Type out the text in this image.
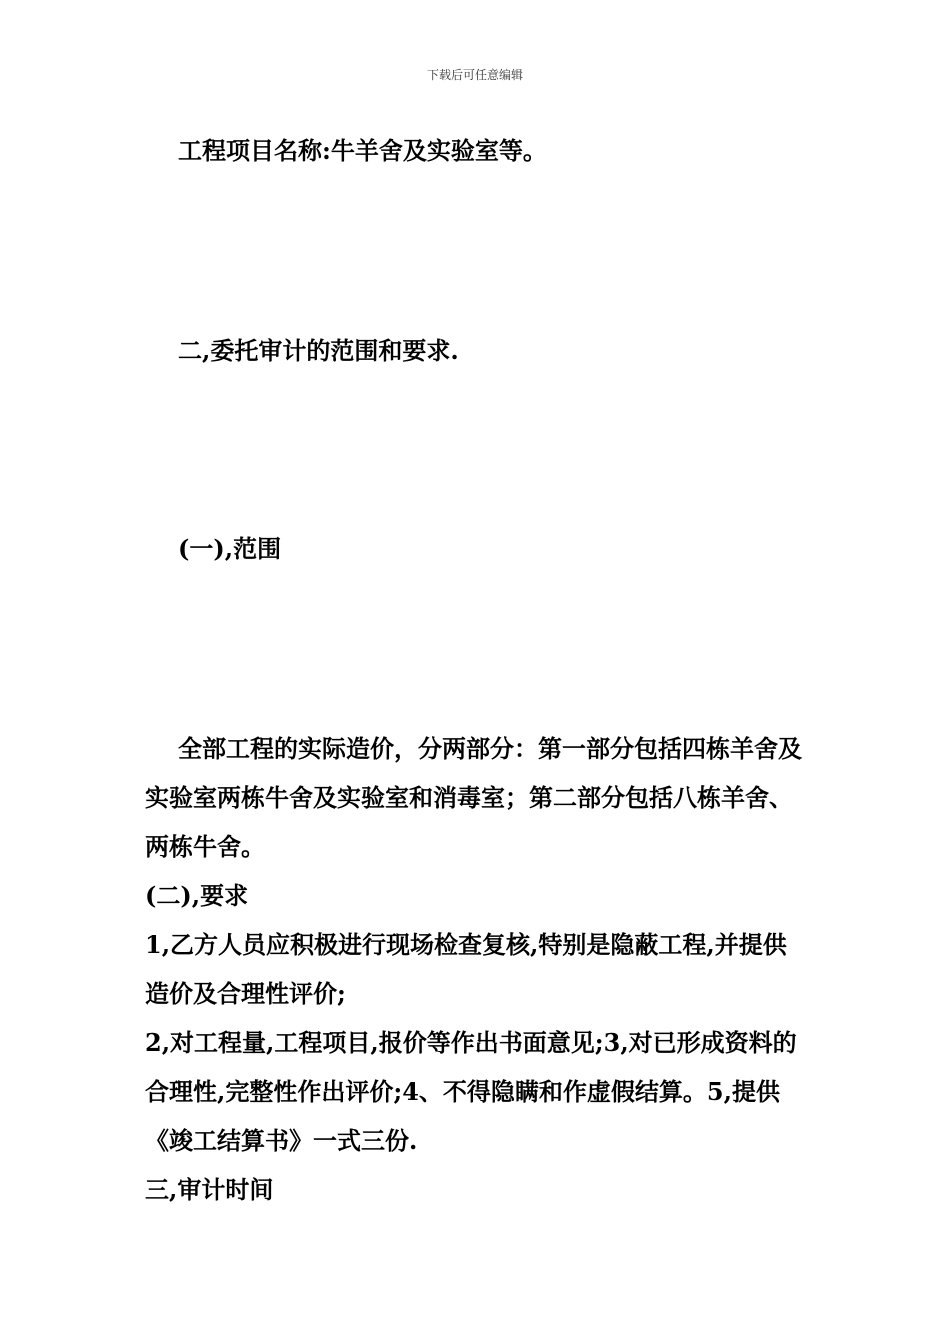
下载后可任意编辑
工程项目名称:牛羊舍及实验室等。
二,委托审计的范围和要求.
(一),范围
全部工程的实际造价，分两部分：第一部分包括四栋羊舍及实验室两栋牛舍及实验室和消毒室；第二部分包括八栋羊舍、两栋牛舍。

(二),要求

1,乙方人员应积极进行现场检查复核,特别是隐蔽工程,并提供造价及合理性评价;

2,对工程量,工程项目,报价等作出书面意见;3,对已形成资料的合理性,完整性作出评价;4、不得隐瞒和作虚假结算。5,提供《竣工结算书》一式三份.

三,审计时间
